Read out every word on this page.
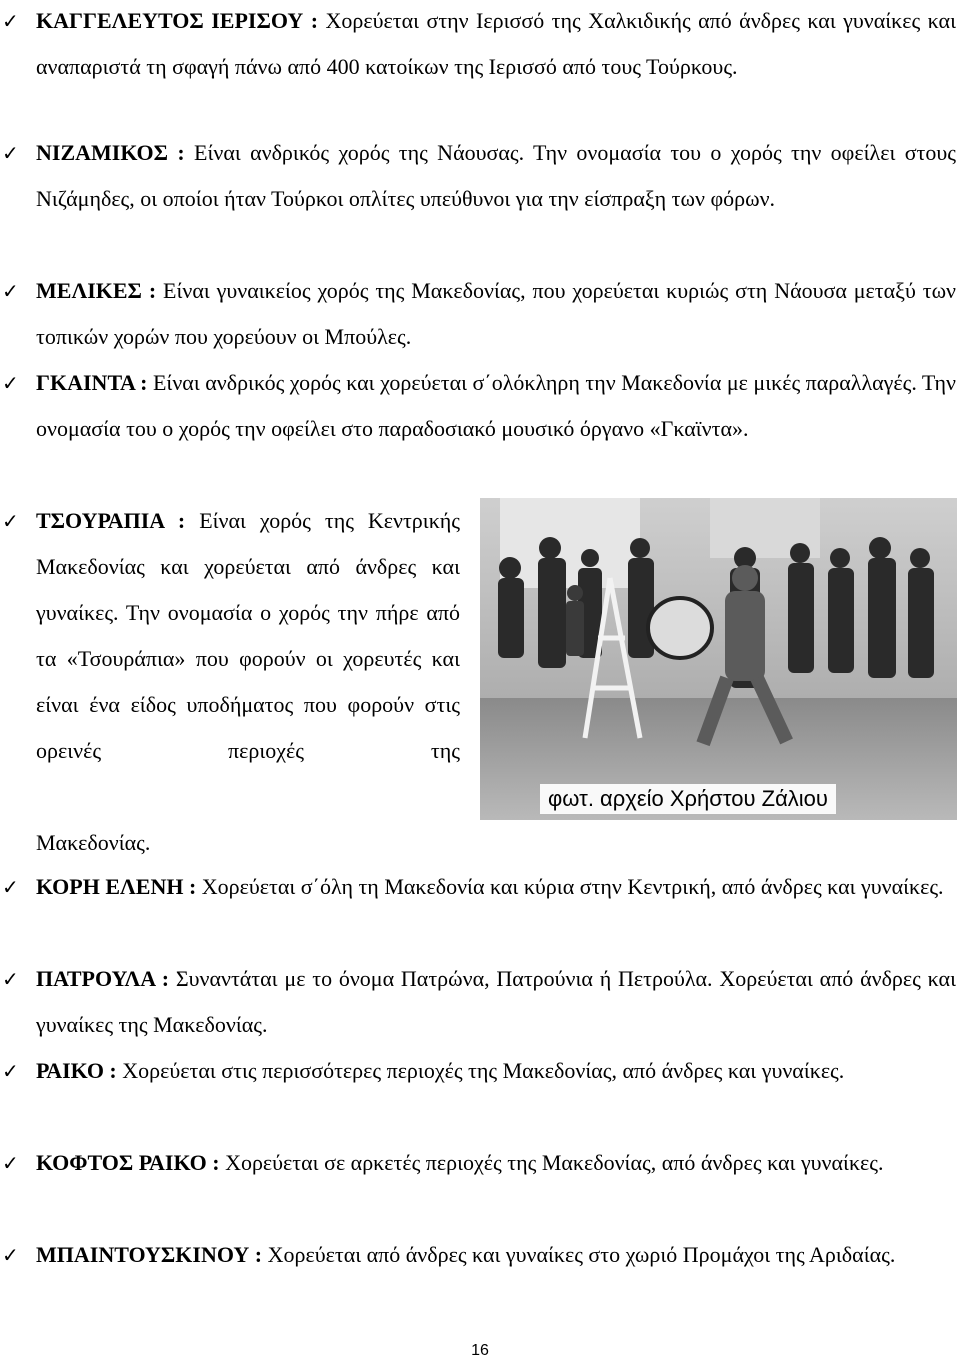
✓ ΚΑΓΓΕΛΕΥΤΟΣ ΙΕΡΙΣΟΥ : Χορεύεται στην Ιερισσό της Χαλκιδικής από άνδρες και γυναίκες και αναπαριστά τη σφαγή πάνω από 400 κατοίκων της Ιερισσό από τους Τούρκους.
✓ ΝΙΖΑΜΙΚΟΣ : Είναι ανδρικός χορός της Νάουσας. Την ονομασία του ο χορός την οφείλει στους Νιζάμηδες, οι οποίοι ήταν Τούρκοι οπλίτες υπεύθυνοι για την είσπραξη των φόρων.
✓ ΜΕΛΙΚΕΣ : Είναι γυναικείος χορός της Μακεδονίας, που χορεύεται κυριώς στη Νάουσα μεταξύ των τοπικών χορών που χορεύουν οι Μπούλες.
✓ ΓΚΑΙΝΤΑ : Είναι ανδρικός χορός και χορεύεται σ΄ολόκληρη την Μακεδονία με μικές παραλλαγές. Την ονομασία του ο χορός την οφείλει στο παραδοσιακό μουσικό όργανο «Γκαϊντα».
✓ ΤΣΟΥΡΑΠΙΑ : Είναι χορός της Κεντρικής Μακεδονίας και χορεύεται από άνδρες και γυναίκες. Την ονομασία ο χορός την πήρε από τα «Τσουράπια» που φορούν οι χορευτές και είναι ένα είδος υποδήματος που φορούν στις ορεινές περιοχές της
Μακεδονίας.
φωτ. αρχείο Χρήστου Ζάλιου
✓ ΚΟΡΗ ΕΛΕΝΗ : Χορεύεται σ΄όλη τη Μακεδονία και κύρια στην Κεντρική, από άνδρες και γυναίκες.
✓ ΠΑΤΡΟΥΛΑ : Συναντάται με το όνομα Πατρώνα, Πατρούνια ή Πετρούλα. Χορεύεται από άνδρες και γυναίκες της Μακεδονίας.
✓ ΡΑΙΚΟ : Χορεύεται στις περισσότερες περιοχές της Μακεδονίας, από άνδρες και γυναίκες.
✓ ΚΟΦΤΟΣ ΡΑΙΚΟ : Χορεύεται σε αρκετές περιοχές της Μακεδονίας, από άνδρες και γυναίκες.
✓ ΜΠΑΙΝΤΟΥΣΚΙΝΟΥ : Χορεύεται από άνδρες και γυναίκες στο χωριό Προμάχοι της Αριδαίας.
16
